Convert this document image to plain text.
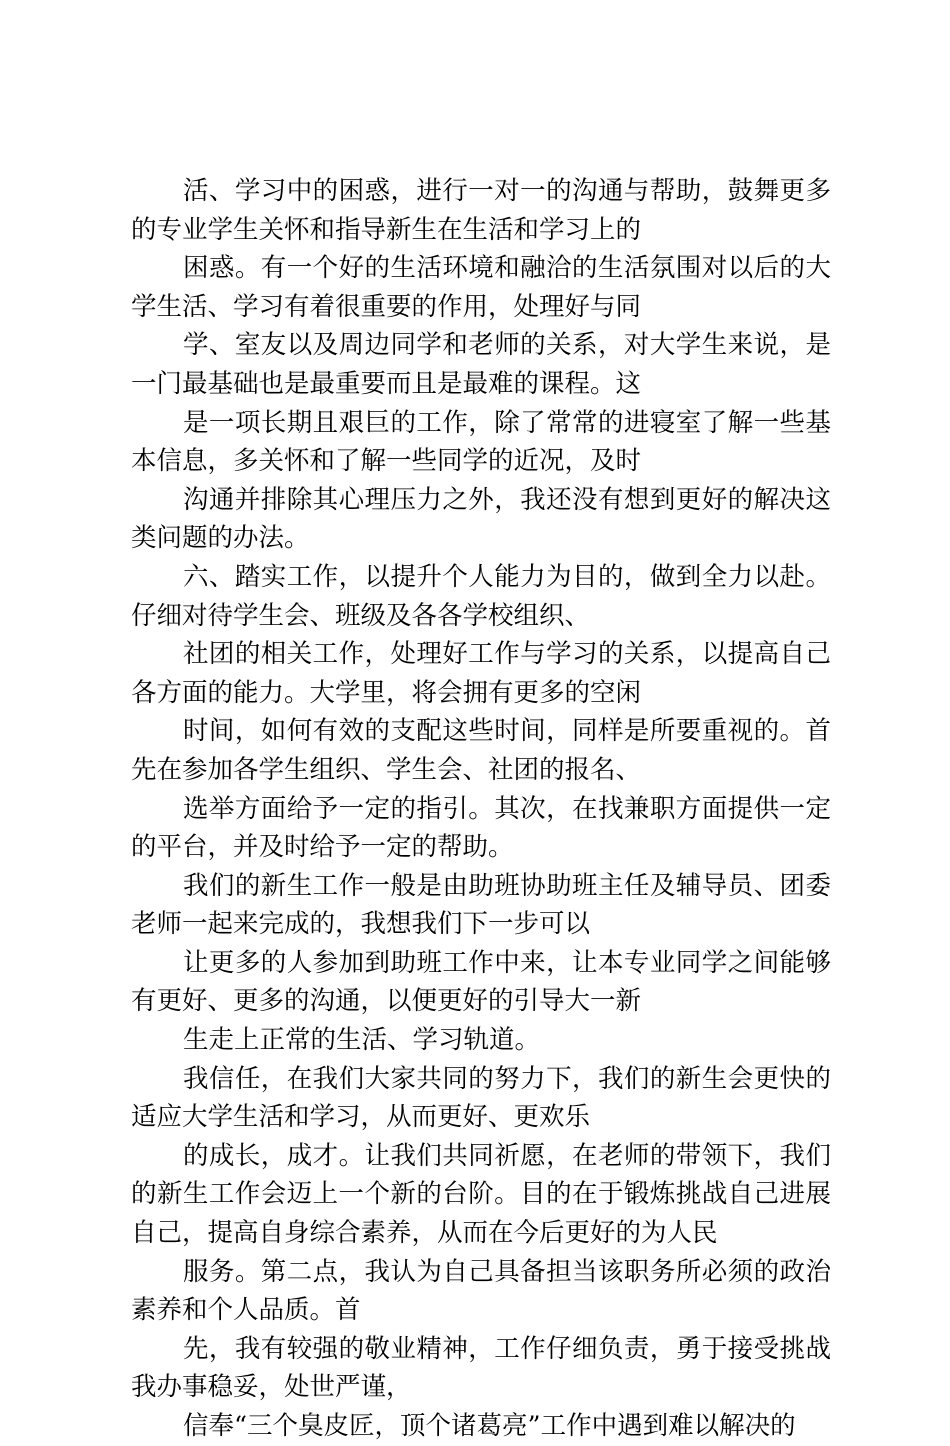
活、学习中的困惑，进行一对一的沟通与帮助，鼓舞更多的专业学生关怀和指导新生在生活和学习上的

困惑。有一个好的生活环境和融洽的生活氛围对以后的大学生活、学习有着很重要的作用，处理好与同

学、室友以及周边同学和老师的关系，对大学生来说，是一门最基础也是最重要而且是最难的课程。这

是一项长期且艰巨的工作，除了常常的进寝室了解一些基本信息，多关怀和了解一些同学的近况，及时

沟通并排除其心理压力之外，我还没有想到更好的解决这类问题的办法。

六、踏实工作，以提升个人能力为目的，做到全力以赴。仔细对待学生会、班级及各各学校组织、

社团的相关工作，处理好工作与学习的关系，以提高自己各方面的能力。大学里，将会拥有更多的空闲

时间，如何有效的支配这些时间，同样是所要重视的。首先在参加各学生组织、学生会、社团的报名、

选举方面给予一定的指引。其次，在找兼职方面提供一定的平台，并及时给予一定的帮助。

我们的新生工作一般是由助班协助班主任及辅导员、团委老师一起来完成的，我想我们下一步可以

让更多的人参加到助班工作中来，让本专业同学之间能够有更好、更多的沟通，以便更好的引导大一新

生走上正常的生活、学习轨道。

我信任，在我们大家共同的努力下，我们的新生会更快的适应大学生活和学习，从而更好、更欢乐

的成长，成才。让我们共同祈愿，在老师的带领下，我们的新生工作会迈上一个新的台阶。目的在于锻炼挑战自己进展自己，提高自身综合素养，从而在今后更好的为人民

服务。第二点，我认为自己具备担当该职务所必须的政治素养和个人品质。首

先，我有较强的敬业精神，工作仔细负责，勇于接受挑战我办事稳妥，处世严谨，

信奉“三个臭皮匠，顶个诸葛亮”工作中遇到难以解决的
